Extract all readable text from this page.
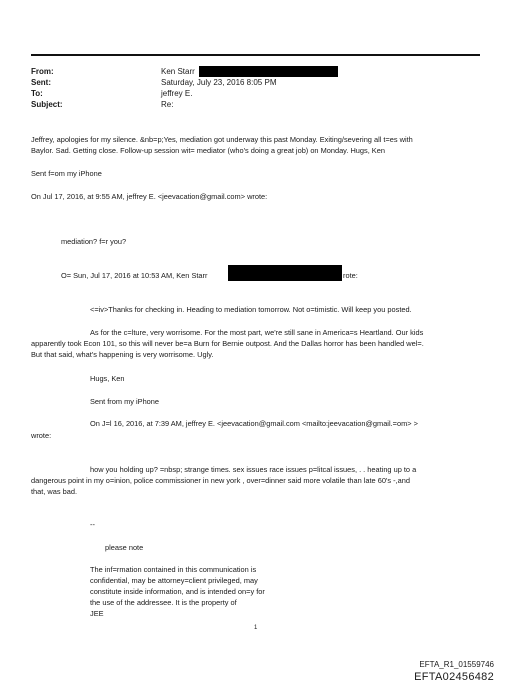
From:
Sent:
To:
Subject:
Ken Starr
Saturday, July 23, 2016 8:05 PM
jeffrey E.
Re:
Jeffrey, apologies for my silence. &nb=p;Yes, mediation got underway this past Monday. Exiting/severing all t=es with
Baylor. Sad. Getting close. Follow-up session wit= mediator (who's doing a great job) on Monday. Hugs, Ken
Sent f=om my iPhone
On Jul 17, 2016, at 9:55 AM, jeffrey E. <jeevacation@gmail.com> wrote:
mediation? f=r you?
O= Sun, Jul 17, 2016 at 10:53 AM, Ken Starr	rote:
<=iv>Thanks for checking in. Heading to mediation tomorrow. Not o=timistic. Will keep you posted.
As for the c=lture, very worrisome. For the most part, we're still sane in America=s Heartland. Our kids
apparently took Econ 101, so this will never be=a Burn for Bernie outpost. And the Dallas horror has been handled wel=.
But that said, what's happening is very worrisome. Ugly.
Hugs, Ken
Sent from my iPhone
On J=l 16, 2016, at 7:39 AM, jeffrey E. <jeevacation@gmail.com <mailto:jeevacation@gmail.=om> >
wrote:
how you holding up? =nbsp; strange times. sex issues race issues p=litcal issues, . . heating up to a
dangerous point in my o=inion, police commissioner in new york , over=dinner said more volatile than late 60's -,and
that, was bad.
--
please note
The inf=rmation contained in this communication is
confidential, may be attorney=client privileged, may
constitute inside information, and is intended on=y for
the use of the addressee. It is the property of
JEE
1
EFTA_R1_01559746
EFTA02456482
